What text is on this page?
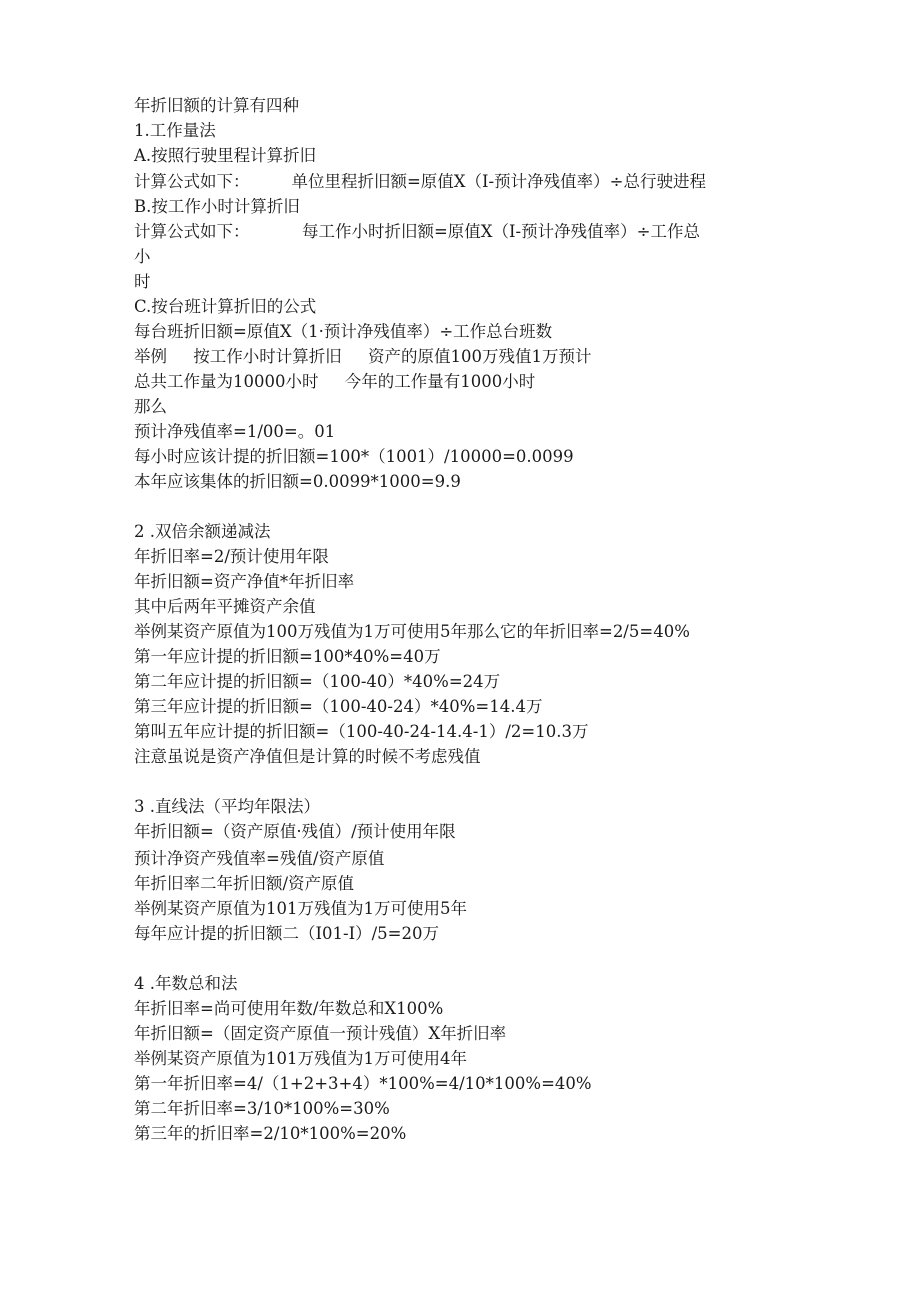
年折旧额的计算有四种
1.工作量法
A.按照行驶里程计算折旧
计算公式如下：        单位里程折旧额=原值X（I-预计净残值率）÷总行驶进程
B.按工作小时计算折旧
计算公式如下：          每工作小时折旧额=原值X（I-预计净残值率）÷工作总
小
时
C.按台班计算折旧的公式
每台班折旧额=原值X（1·预计净残值率）÷工作总台班数
举例     按工作小时计算折旧     资产的原值100万残值1万预计
总共工作量为10000小时     今年的工作量有1000小时
那么
预计净残值率=1/00=。01
每小时应该计提的折旧额=100*（1001）/10000=0.0099
本年应该集体的折旧额=0.0099*1000=9.9
2 .双倍余额递减法
年折旧率=2/预计使用年限
年折旧额=资产净值*年折旧率
其中后两年平摊资产余值
举例某资产原值为100万残值为1万可使用5年那么它的年折旧率=2/5=40%
第一年应计提的折旧额=100*40%=40万
第二年应计提的折旧额=（100-40）*40%=24万
第三年应计提的折旧额=（100-40-24）*40%=14.4万
第叫五年应计提的折旧额=（100-40-24-14.4-1）/2=10.3万
注意虽说是资产净值但是计算的时候不考虑残值
3 .直线法（平均年限法）
年折旧额=（资产原值·残值）/预计使用年限
预计净资产残值率=残值/资产原值
年折旧率二年折旧额/资产原值
举例某资产原值为101万残值为1万可使用5年
每年应计提的折旧额二（I01-I）/5=20万
4 .年数总和法
年折旧率=尚可使用年数/年数总和X100%
年折旧额=（固定资产原值一预计残值）X年折旧率
举例某资产原值为101万残值为1万可使用4年
第一年折旧率=4/（1+2+3+4）*100%=4/10*100%=40%
第二年折旧率=3/10*100%=30%
第三年的折旧率=2/10*100%=20%
